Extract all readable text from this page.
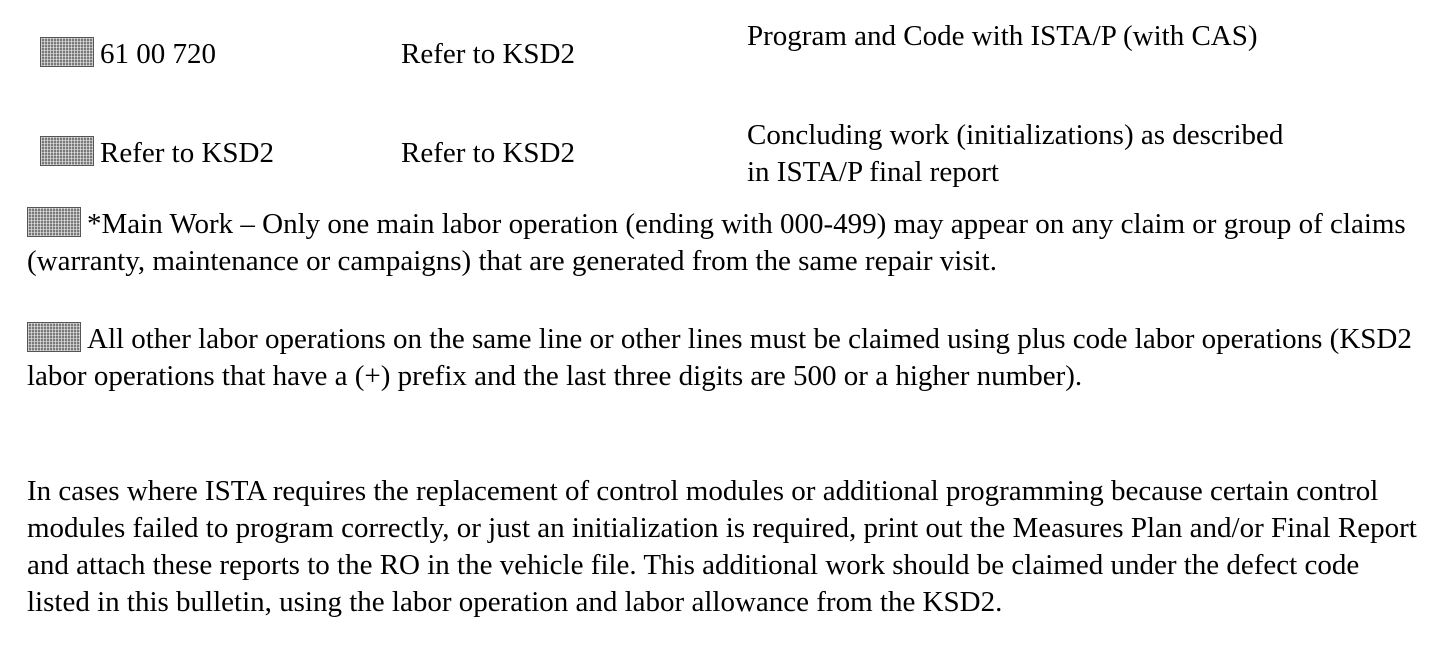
61 00 720	Refer to KSD2
Program and Code with ISTA/P (with CAS)
Refer to KSD2	Refer to KSD2
Concluding work (initializations) as described in ISTA/P final report

*Main Work – Only one main labor operation (ending with 000-499) may appear on any claim or group of claims (warranty, maintenance or campaigns) that are generated from the same repair visit.

All other labor operations on the same line or other lines must be claimed using plus code labor operations (KSD2 labor operations that have a (+) prefix and the last three digits are 500 or a higher number).

In cases where ISTA requires the replacement of control modules or additional programming because certain control modules failed to program correctly, or just an initialization is required, print out the Measures Plan and/or Final Report and attach these reports to the RO in the vehicle file. This additional work should be claimed under the defect code listed in this bulletin, using the labor operation and labor allowance from the KSD2.
